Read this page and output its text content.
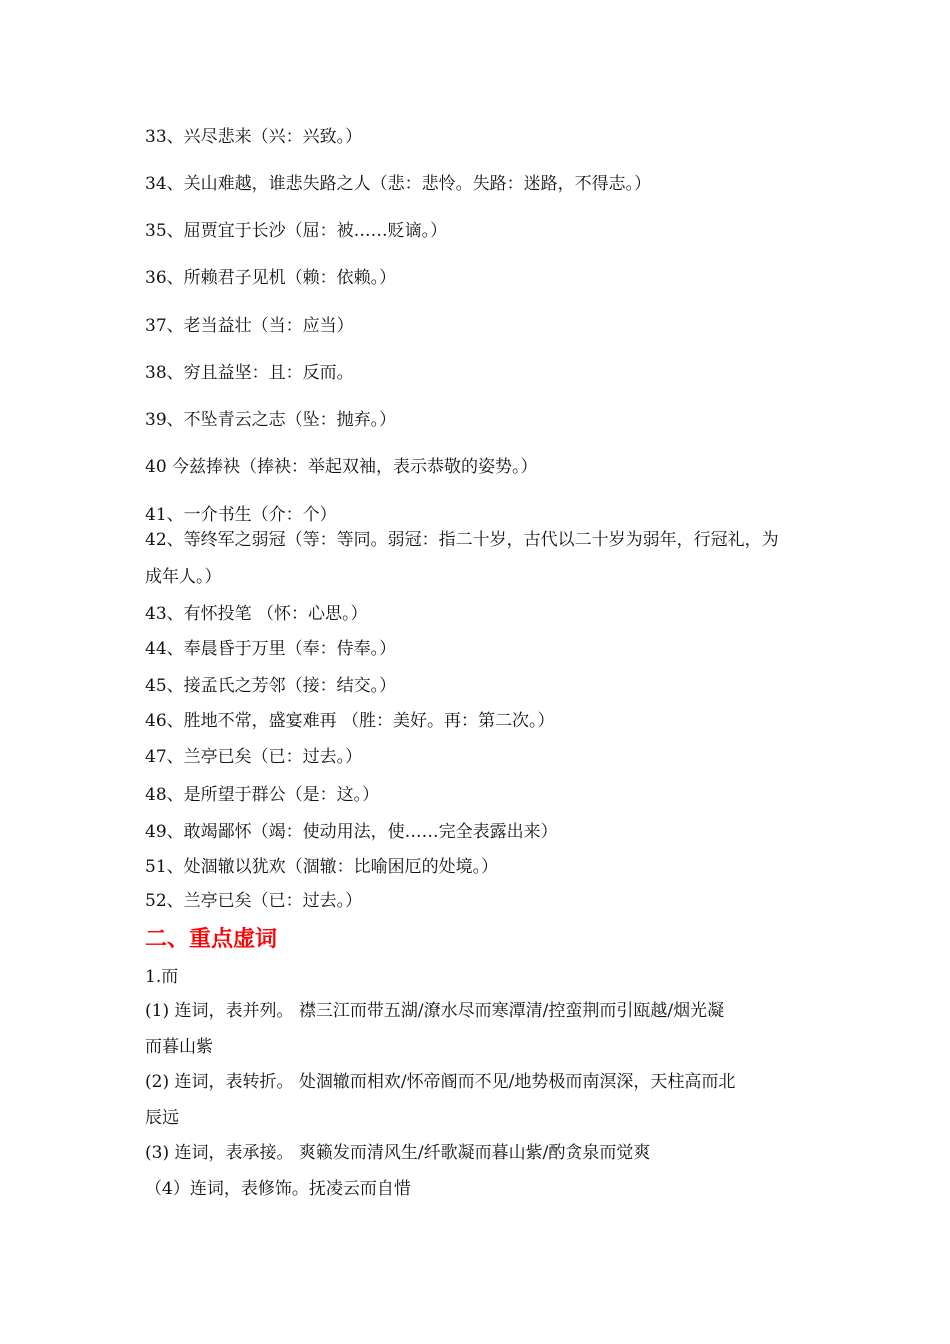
33、兴尽悲来（兴：兴致。）
34、关山难越，谁悲失路之人（悲：悲怜。失路：迷路，不得志。）
35、屈贾宜于长沙（屈：被……贬谪。）
36、所赖君子见机（赖：依赖。）
37、老当益壮（当：应当）
38、穷且益坚：且：反而。
39、不坠青云之志（坠：抛弃。）
40 今兹捧袂（捧袂：举起双袖，表示恭敬的姿势。）
41、一介书生（介：个）
42、等终军之弱冠（等：等同。弱冠：指二十岁，古代以二十岁为弱年，行冠礼，为
成年人。）
43、有怀投笔 （怀：心思。）
44、奉晨昏于万里（奉：侍奉。）
45、接孟氏之芳邻（接：结交。）
46、胜地不常，盛宴难再 （胜：美好。再：第二次。）
47、兰亭已矣（已：过去。）
48、是所望于群公（是：这。）
49、敢竭鄙怀（竭：使动用法，使……完全表露出来）
51、处涸辙以犹欢（涸辙：比喻困厄的处境。）
52、兰亭已矣（已：过去。）
二、重点虚词
1.而
(1) 连词，表并列。 襟三江而带五湖/潦水尽而寒潭清/控蛮荆而引瓯越/烟光凝
而暮山紫
(2) 连词，表转折。 处涸辙而相欢/怀帝阍而不见/地势极而南溟深，天柱高而北
辰远
(3) 连词，表承接。 爽籁发而清风生/纤歌凝而暮山紫/酌贪泉而觉爽
（4）连词，表修饰。抚凌云而自惜
